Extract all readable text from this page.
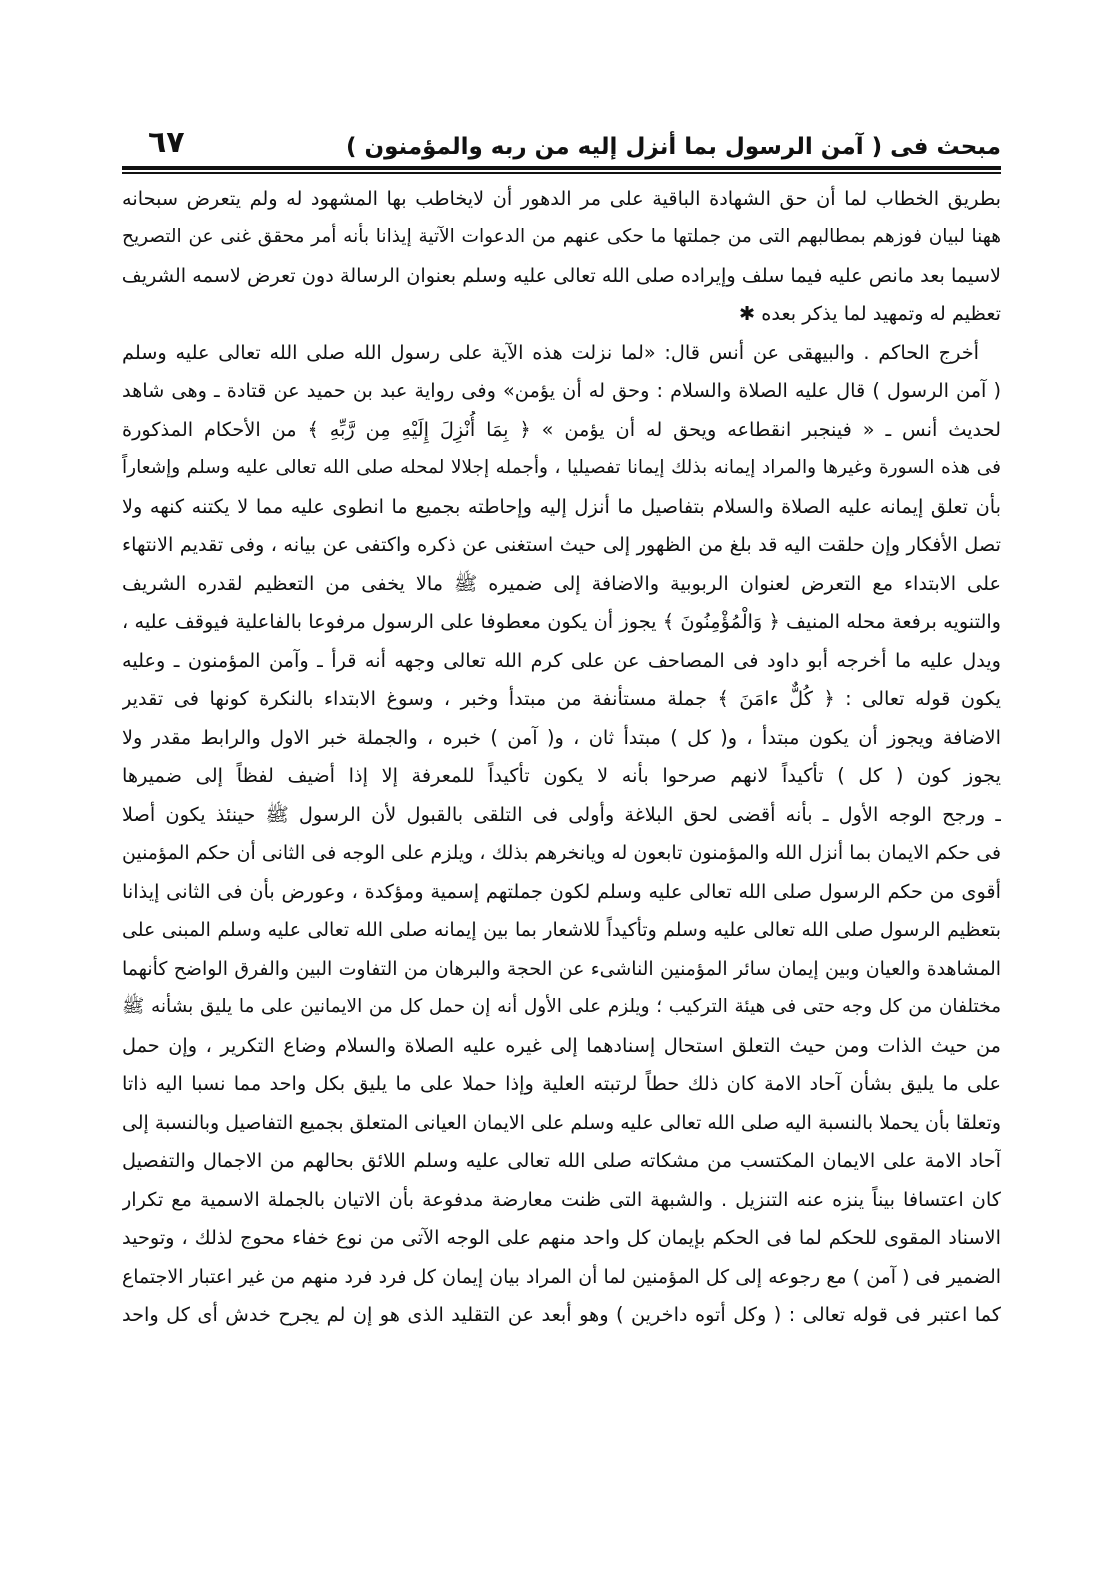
مبحث فى ( آمن الرسول بما أنزل إليه من ربه والمؤمنون )
٦٧
بطريق الخطاب لما أن حق الشهادة الباقية على مر الدهور أن لايخاطب بها المشهود له ولم يتعرض سبحانه
ههنا لبيان فوزهم بمطالبهم التى من جملتها ما حكى عنهم من الدعوات الآتية إيذانا بأنه أمر محقق غنى عن التصريح
لاسيما بعد مانص عليه فيما سلف وإيراده صلى الله تعالى عليه وسلم بعنوان الرسالة دون تعرض لاسمه الشريف
تعظيم له وتمهيد لما يذكر بعده ✱
أخرج الحاكم . والبيهقى عن أنس قال: «لما نزلت هذه الآية على رسول الله صلى الله تعالى عليه وسلم
( آمن الرسول ) قال عليه الصلاة والسلام : وحق له أن يؤمن» وفى رواية عبد بن حميد عن قتادة ـ وهى شاهد
لحديث أنس ـ « فينجبر انقطاعه ويحق له أن يؤمن » ﴿ بِمَا أُنْزِلَ إِلَيْهِ مِن رَّبِّهِ ﴾ من الأحكام المذكورة
فى هذه السورة وغيرها والمراد إيمانه بذلك إيمانا تفصيليا ، وأجمله إجلالا لمحله صلى الله تعالى عليه وسلم وإشعاراً
بأن تعلق إيمانه عليه الصلاة والسلام بتفاصيل ما أنزل إليه وإحاطته بجميع ما انطوى عليه مما لا يكتنه كنهه ولا
تصل الأفكار وإن حلقت اليه قد بلغ من الظهور إلى حيث استغنى عن ذكره واكتفى عن بيانه ، وفى تقديم الانتهاء
على الابتداء مع التعرض لعنوان الربوبية والاضافة إلى ضميره ﷺ مالا يخفى من التعظيم لقدره الشريف
والتنويه برفعة محله المنيف ﴿ وَالْمُؤْمِنُونَ ﴾ يجوز أن يكون معطوفا على الرسول مرفوعا بالفاعلية فيوقف عليه ،
ويدل عليه ما أخرجه أبو داود فى المصاحف عن على كرم الله تعالى وجهه أنه قرأ ـ وآمن المؤمنون ـ وعليه
يكون قوله تعالى : ﴿ كُلٌّ ءامَنَ ﴾ جملة مستأنفة من مبتدأ وخبر ، وسوغ الابتداء بالنكرة كونها فى تقدير
الاضافة ويجوز أن يكون مبتدأ ، و( كل ) مبتدأ ثان ، و( آمن ) خبره ، والجملة خبر الاول والرابط مقدر ولا
يجوز كون ( كل ) تأكيداً لانهم صرحوا بأنه لا يكون تأكيداً للمعرفة إلا إذا أضيف لفظاً إلى ضميرها
ـ ورجح الوجه الأول ـ بأنه أقضى لحق البلاغة وأولى فى التلقى بالقبول لأن الرسول ﷺ حينئذ يكون أصلا
فى حكم الايمان بما أنزل الله والمؤمنون تابعون له ويانخرهم بذلك ، ويلزم على الوجه فى الثانى أن حكم المؤمنين
أقوى من حكم الرسول صلى الله تعالى عليه وسلم لكون جملتهم إسمية ومؤكدة ، وعورض بأن فى الثانى إيذانا
بتعظيم الرسول صلى الله تعالى عليه وسلم وتأكيداً للاشعار بما بين إيمانه صلى الله تعالى عليه وسلم المبنى على
المشاهدة والعيان وبين إيمان سائر المؤمنين الناشىء عن الحجة والبرهان من التفاوت البين والفرق الواضح كأنهما
مختلفان من كل وجه حتى فى هيئة التركيب ؛ ويلزم على الأول أنه إن حمل كل من الايمانين على ما يليق بشأنه ﷺ
من حيث الذات ومن حيث التعلق استحال إسنادهما إلى غيره عليه الصلاة والسلام وضاع التكرير ، وإن حمل
على ما يليق بشأن آحاد الامة كان ذلك حطاً لرتبته العلية وإذا حملا على ما يليق بكل واحد مما نسبا اليه ذاتا
وتعلقا بأن يحملا بالنسبة اليه صلى الله تعالى عليه وسلم على الايمان العيانى المتعلق بجميع التفاصيل وبالنسبة إلى
آحاد الامة على الايمان المكتسب من مشكاته صلى الله تعالى عليه وسلم اللائق بحالهم من الاجمال والتفصيل
كان اعتسافا بيناً ينزه عنه التنزيل . والشبهة التى ظنت معارضة مدفوعة بأن الاتيان بالجملة الاسمية مع تكرار
الاسناد المقوى للحكم لما فى الحكم بإيمان كل واحد منهم على الوجه الآتى من نوع خفاء محوج لذلك ، وتوحيد
الضمير فى ( آمن ) مع رجوعه إلى كل المؤمنين لما أن المراد بيان إيمان كل فرد فرد منهم من غير اعتبار الاجتماع
كما اعتبر فى قوله تعالى : ( وكل أتوه داخرين ) وهو أبعد عن التقليد الذى هو إن لم يجرح خدش أى كل واحد
